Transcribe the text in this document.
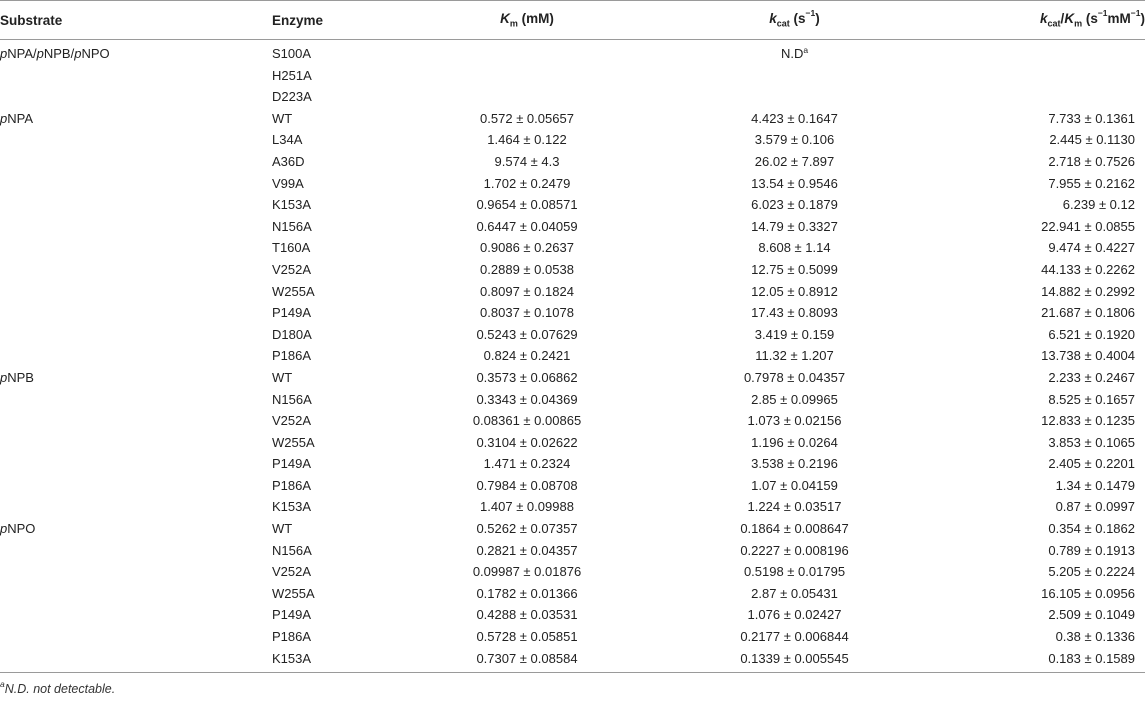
Substrate	Enzyme	$K_m$ (mM)	$k_{cat}$ $(s^{-1})$	$k_{cat}/K_m$ $(s^{-1}mM^{-1})$
pNPA/pNPB/pNPO	S100A		$N.D^a$	
	H251A			
	D223A			
pNPA	WT	0.572 ± 0.05657	4.423 ± 0.1647	7.733 ± 0.1361
	L34A	1.464 ± 0.122	3.579 ± 0.106	2.445 ± 0.1130
	A36D	9.574 ± 4.3	26.02 ± 7.897	2.718 ± 0.7526
	V99A	1.702 ± 0.2479	13.54 ± 0.9546	7.955 ± 0.2162
	K153A	0.9654 ± 0.08571	6.023 ± 0.1879	6.239 ± 0.12
	N156A	0.6447 ± 0.04059	14.79 ± 0.3327	22.941 ± 0.0855
	T160A	0.9086 ± 0.2637	8.608 ± 1.14	9.474 ± 0.4227
	V252A	0.2889 ± 0.0538	12.75 ± 0.5099	44.133 ± 0.2262
	W255A	0.8097 ± 0.1824	12.05 ± 0.8912	14.882 ± 0.2992
	P149A	0.8037 ± 0.1078	17.43 ± 0.8093	21.687 ± 0.1806
	D180A	0.5243 ± 0.07629	3.419 ± 0.159	6.521 ± 0.1920
	P186A	0.824 ± 0.2421	11.32 ± 1.207	13.738 ± 0.4004
pNPB	WT	0.3573 ± 0.06862	0.7978 ± 0.04357	2.233 ± 0.2467
	N156A	0.3343 ± 0.04369	2.85 ± 0.09965	8.525 ± 0.1657
	V252A	0.08361 ± 0.00865	1.073 ± 0.02156	12.833 ± 0.1235
	W255A	0.3104 ± 0.02622	1.196 ± 0.0264	3.853 ± 0.1065
	P149A	1.471 ± 0.2324	3.538 ± 0.2196	2.405 ± 0.2201
	P186A	0.7984 ± 0.08708	1.07 ± 0.04159	1.34 ± 0.1479
	K153A	1.407 ± 0.09988	1.224 ± 0.03517	0.87 ± 0.0997
pNPO	WT	0.5262 ± 0.07357	0.1864 ± 0.008647	0.354 ± 0.1862
	N156A	0.2821 ± 0.04357	0.2227 ± 0.008196	0.789 ± 0.1913
	V252A	0.09987 ± 0.01876	0.5198 ± 0.01795	5.205 ± 0.2224
	W255A	0.1782 ± 0.01366	2.87 ± 0.05431	16.105 ± 0.0956
	P149A	0.4288 ± 0.03531	1.076 ± 0.02427	2.509 ± 0.1049
	P186A	0.5728 ± 0.05851	0.2177 ± 0.006844	0.38 ± 0.1336
	K153A	0.7307 ± 0.08584	0.1339 ± 0.005545	0.183 ± 0.1589
$^a$N.D. not detectable.
